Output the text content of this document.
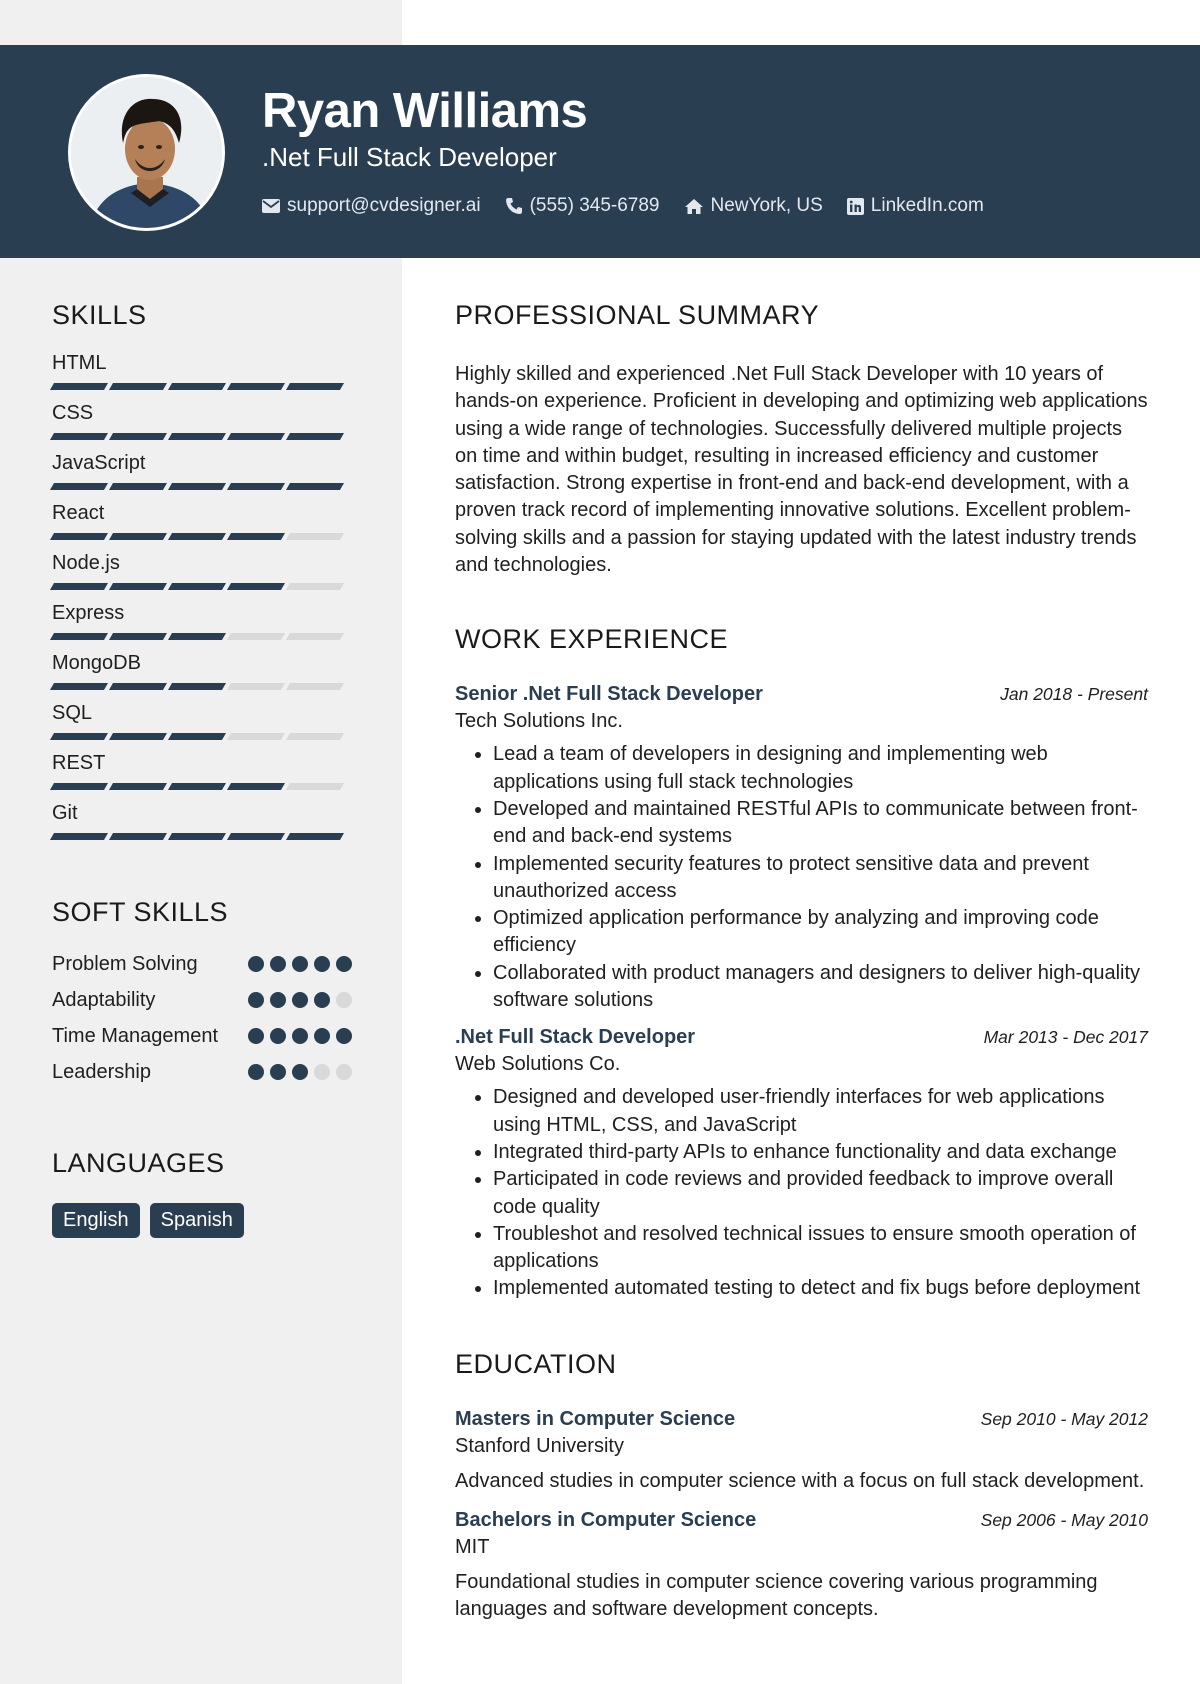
Ryan Williams
.Net Full Stack Developer
support@cvdesigner.ai	(555) 345-6789	NewYork, US	LinkedIn.com
SKILLS
HTML
CSS
JavaScript
React
Node.js
Express
MongoDB
SQL
REST
Git
SOFT SKILLS
Problem Solving
Adaptability
Time Management
Leadership
LANGUAGES
English	Spanish
PROFESSIONAL SUMMARY
Highly skilled and experienced .Net Full Stack Developer with 10 years of hands-on experience. Proficient in developing and optimizing web applications using a wide range of technologies. Successfully delivered multiple projects on time and within budget, resulting in increased efficiency and customer satisfaction. Strong expertise in front-end and back-end development, with a proven track record of implementing innovative solutions. Excellent problem-solving skills and a passion for staying updated with the latest industry trends and technologies.
WORK EXPERIENCE
Senior .Net Full Stack Developer	Jan 2018 - Present
Tech Solutions Inc.
• Lead a team of developers in designing and implementing web applications using full stack technologies
• Developed and maintained RESTful APIs to communicate between front-end and back-end systems
• Implemented security features to protect sensitive data and prevent unauthorized access
• Optimized application performance by analyzing and improving code efficiency
• Collaborated with product managers and designers to deliver high-quality software solutions
.Net Full Stack Developer	Mar 2013 - Dec 2017
Web Solutions Co.
• Designed and developed user-friendly interfaces for web applications using HTML, CSS, and JavaScript
• Integrated third-party APIs to enhance functionality and data exchange
• Participated in code reviews and provided feedback to improve overall code quality
• Troubleshot and resolved technical issues to ensure smooth operation of applications
• Implemented automated testing to detect and fix bugs before deployment
EDUCATION
Masters in Computer Science	Sep 2010 - May 2012
Stanford University
Advanced studies in computer science with a focus on full stack development.
Bachelors in Computer Science	Sep 2006 - May 2010
MIT
Foundational studies in computer science covering various programming languages and software development concepts.
